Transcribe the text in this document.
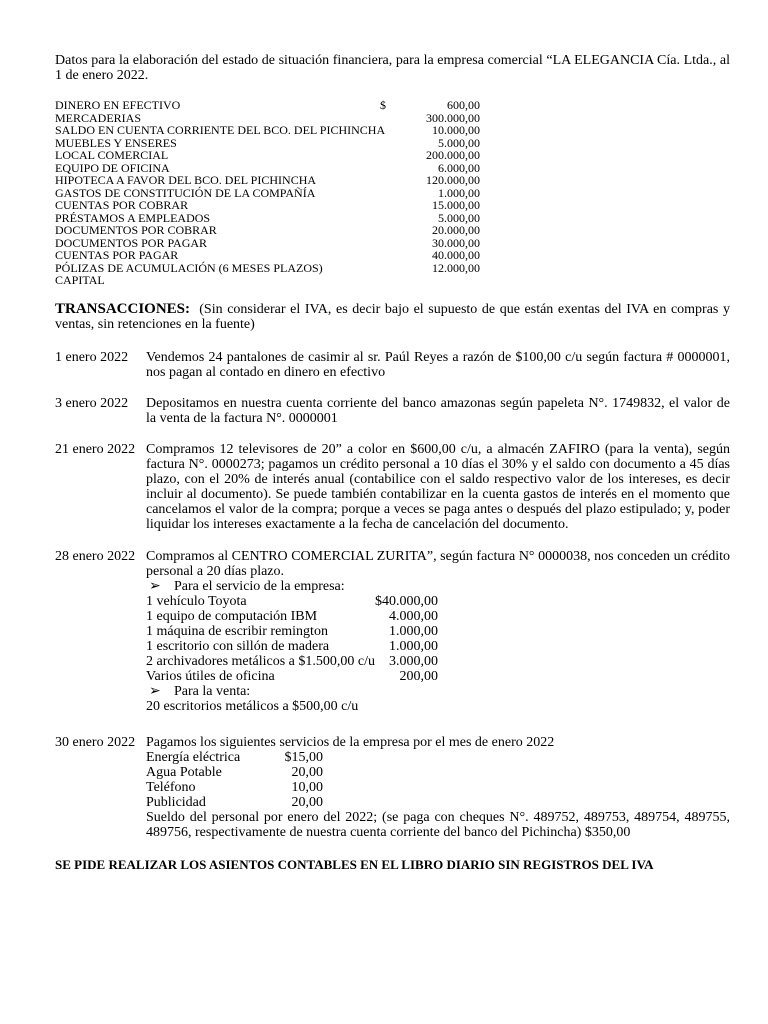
Datos para la elaboración del estado de situación financiera, para la empresa comercial “LA ELEGANCIA Cía. Ltda., al 1 de enero 2022.
DINERO EN EFECTIVO	$	600,00
MERCADERIAS	300.000,00
SALDO EN CUENTA CORRIENTE DEL BCO. DEL PICHINCHA	10.000,00
MUEBLES Y ENSERES	5.000,00
LOCAL COMERCIAL	200.000,00
EQUIPO DE OFICINA	6.000,00
HIPOTECA A FAVOR DEL BCO. DEL PICHINCHA	120.000,00
GASTOS DE CONSTITUCIÓN DE LA COMPAÑÍA	1.000,00
CUENTAS POR COBRAR	15.000,00
PRÉSTAMOS A EMPLEADOS	5.000,00
DOCUMENTOS POR COBRAR	20.000,00
DOCUMENTOS POR PAGAR	30.000,00
CUENTAS POR PAGAR	40.000,00
PÓLIZAS DE ACUMULACIÓN (6 MESES PLAZOS)	12.000,00
CAPITAL
TRANSACCIONES: (Sin considerar el IVA, es decir bajo el supuesto de que están exentas del IVA en compras y ventas, sin retenciones en la fuente)
1 enero 2022	Vendemos 24 pantalones de casimir al sr. Paúl Reyes a razón de $100,00 c/u según factura # 0000001, nos pagan al contado en dinero en efectivo
3 enero 2022	Depositamos en nuestra cuenta corriente del banco amazonas según papeleta N°. 1749832, el valor de la venta de la factura N°. 0000001
21 enero 2022 Compramos 12 televisores de 20” a color en $600,00 c/u, a almacén ZAFIRO (para la venta), según factura N°. 0000273; pagamos un crédito personal a 10 días el 30% y el saldo con documento a 45 días plazo, con el 20% de interés anual (contabilice con el saldo respectivo valor de los intereses, es decir incluir al documento). Se puede también contabilizar en la cuenta gastos de interés en el momento que cancelamos el valor de la compra; porque a veces se paga antes o después del plazo estipulado; y, poder liquidar los intereses exactamente a la fecha de cancelación del documento.
28 enero 2022 Compramos al CENTRO COMERCIAL ZURITA”, según factura N° 0000038, nos conceden un crédito personal a 20 días plazo.
➢ Para el servicio de la empresa:
1 vehículo Toyota	$40.000,00
1 equipo de computación IBM	4.000,00
1 máquina de escribir remington	1.000,00
1 escritorio con sillón de madera	1.000,00
2 archivadores metálicos a $1.500,00 c/u	3.000,00
Varios útiles de oficina	200,00
➢ Para la venta:
20 escritorios metálicos a $500,00 c/u
30 enero 2022 Pagamos los siguientes servicios de la empresa por el mes de enero 2022
Energía eléctrica	$15,00
Agua Potable	20,00
Teléfono	10,00
Publicidad	20,00
Sueldo del personal por enero del 2022; (se paga con cheques N°. 489752, 489753, 489754, 489755, 489756, respectivamente de nuestra cuenta corriente del banco del Pichincha) $350,00
SE PIDE REALIZAR LOS ASIENTOS CONTABLES EN EL LIBRO DIARIO SIN REGISTROS DEL IVA
